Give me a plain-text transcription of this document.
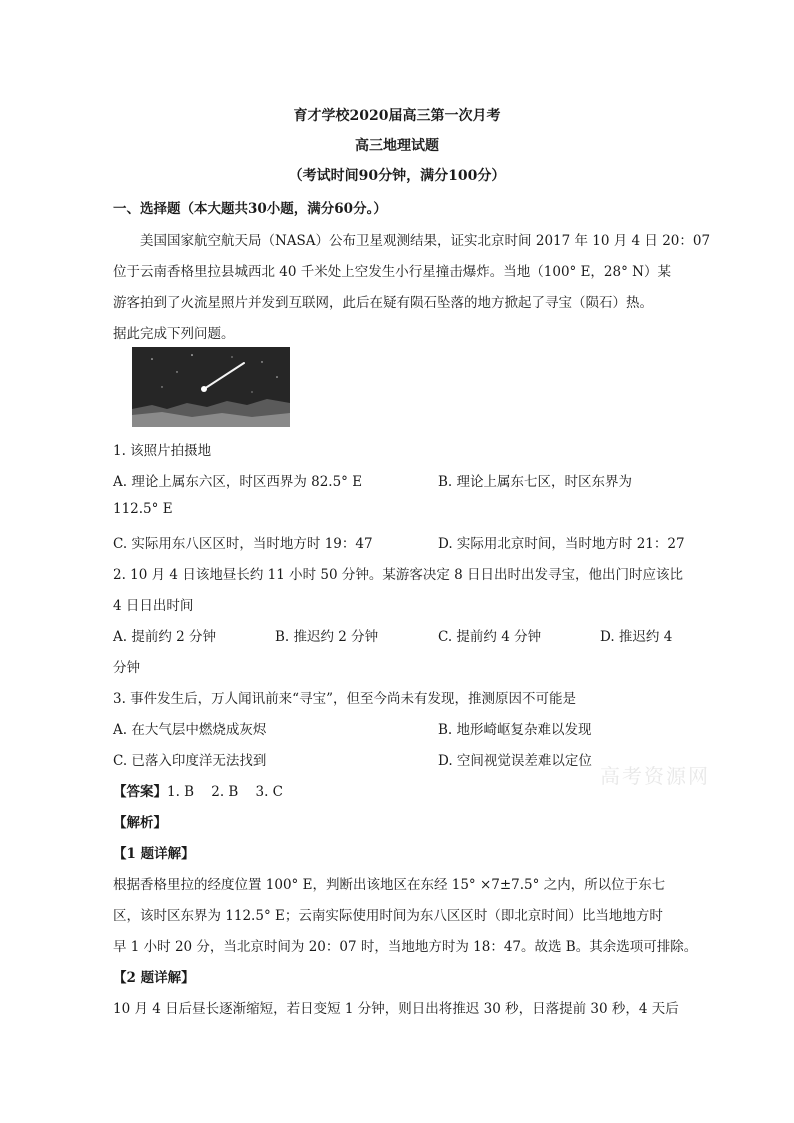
育才学校2020届高三第一次月考
高三地理试题
（考试时间90分钟，满分100分）
一、选择题（本大题共30小题，满分60分。）
美国国家航空航天局（NASA）公布卫星观测结果，证实北京时间 2017 年 10 月 4 日 20：07
位于云南香格里拉县城西北 40 千米处上空发生小行星撞击爆炸。当地（100° E，28° N）某
游客拍到了火流星照片并发到互联网，此后在疑有陨石坠落的地方掀起了寻宝（陨石）热。
据此完成下列问题。
1. 该照片拍摄地
A. 理论上属东六区，时区西界为 82.5° E	B. 理论上属东七区，时区东界为
112.5° E
C. 实际用东八区区时，当时地方时 19：47	D. 实际用北京时间，当时地方时 21：27
2. 10 月 4 日该地昼长约 11 小时 50 分钟。某游客决定 8 日日出时出发寻宝，他出门时应该比
4 日日出时间
A. 提前约 2 分钟	B. 推迟约 2 分钟	C. 提前约 4 分钟	D. 推迟约 4
分钟
3. 事件发生后，万人闻讯前来“寻宝”，但至今尚未有发现，推测原因不可能是
A. 在大气层中燃烧成灰烬	B. 地形崎岖复杂难以发现
C. 已落入印度洋无法找到	D. 空间视觉误差难以定位
高考资源网
【答案】1. B    2. B    3. C
【解析】
【1 题详解】
根据香格里拉的经度位置 100° E，判断出该地区在东经 15° ×7±7.5° 之内，所以位于东七
区，该时区东界为 112.5° E；云南实际使用时间为东八区区时（即北京时间）比当地地方时
早 1 小时 20 分，当北京时间为 20：07 时，当地地方时为 18：47。故选 B。其余选项可排除。
【2 题详解】
10 月 4 日后昼长逐渐缩短，若日变短 1 分钟，则日出将推迟 30 秒，日落提前 30 秒，4 天后
